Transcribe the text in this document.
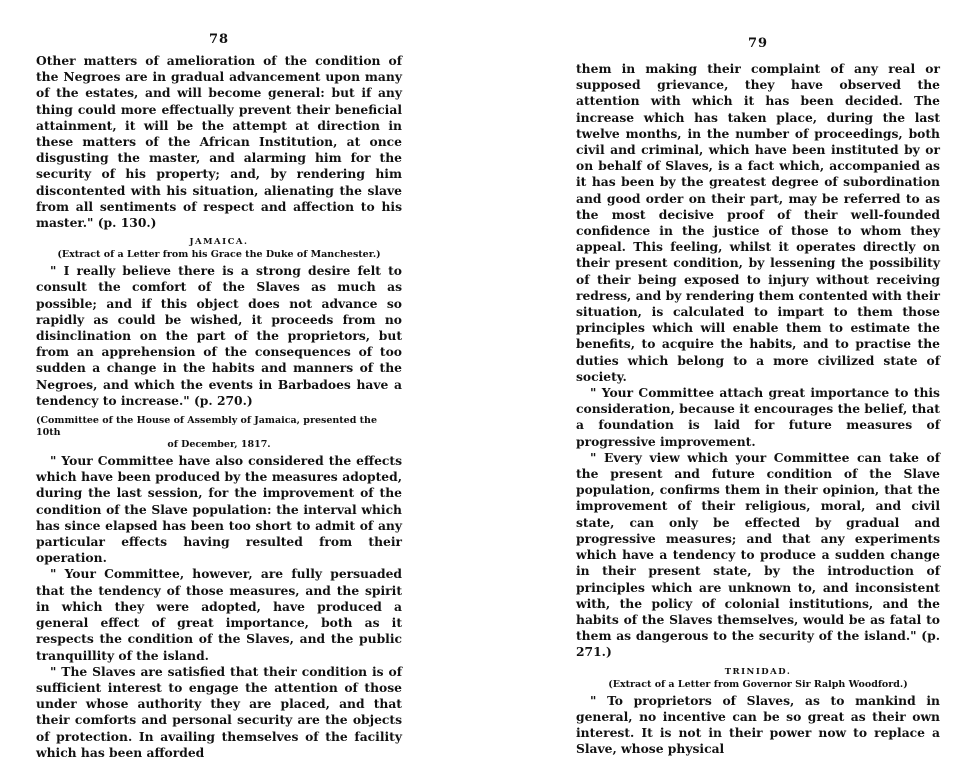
78

Other matters of amelioration of the condition of the Negroes are in gradual advancement upon many of the estates, and will become general: but if any thing could more effectually prevent their beneficial attainment, it will be the attempt at direction in these matters of the African Institution, at once disgusting the master, and alarming him for the security of his property; and, by rendering him discontented with his situation, alienating the slave from all sentiments of respect and affection to his master." (p. 130.)

JAMAICA.
(Extract of a Letter from his Grace the Duke of Manchester.)

" I really believe there is a strong desire felt to consult the comfort of the Slaves as much as possible; and if this object does not advance so rapidly as could be wished, it proceeds from no disinclination on the part of the proprietors, but from an apprehension of the consequences of too sudden a change in the habits and manners of the Negroes, and which the events in Barbadoes have a tendency to increase." (p. 270.)

(Committee of the House of Assembly of Jamaica, presented the 10th
of December, 1817.

" Your Committee have also considered the effects which have been produced by the measures adopted, during the last session, for the improvement of the condition of the Slave population: the interval which has since elapsed has been too short to admit of any particular effects having resulted from their operation.

" Your Committee, however, are fully persuaded that the tendency of those measures, and the spirit in which they were adopted, have produced a general effect of great importance, both as it respects the condition of the Slaves, and the public tranquillity of the island.

" The Slaves are satisfied that their condition is of sufficient interest to engage the attention of those under whose authority they are placed, and that their comforts and personal security are the objects of protection. In availing themselves of the facility which has been afforded

79

them in making their complaint of any real or supposed grievance, they have observed the attention with which it has been decided. The increase which has taken place, during the last twelve months, in the number of proceedings, both civil and criminal, which have been instituted by or on behalf of Slaves, is a fact which, accompanied as it has been by the greatest degree of subordination and good order on their part, may be referred to as the most decisive proof of their well-founded confidence in the justice of those to whom they appeal. This feeling, whilst it operates directly on their present condition, by lessening the possibility of their being exposed to injury without receiving redress, and by rendering them contented with their situation, is calculated to impart to them those principles which will enable them to estimate the benefits, to acquire the habits, and to practise the duties which belong to a more civilized state of society.

" Your Committee attach great importance to this consideration, because it encourages the belief, that a foundation is laid for future measures of progressive improvement.

" Every view which your Committee can take of the present and future condition of the Slave population, confirms them in their opinion, that the improvement of their religious, moral, and civil state, can only be effected by gradual and progressive measures; and that any experiments which have a tendency to produce a sudden change in their present state, by the introduction of principles which are unknown to, and inconsistent with, the policy of colonial institutions, and the habits of the Slaves themselves, would be as fatal to them as dangerous to the security of the island." (p. 271.)

TRINIDAD.
(Extract of a Letter from Governor Sir Ralph Woodford.)

" To proprietors of Slaves, as to mankind in general, no incentive can be so great as their own interest. It is not in their power now to replace a Slave, whose physical
